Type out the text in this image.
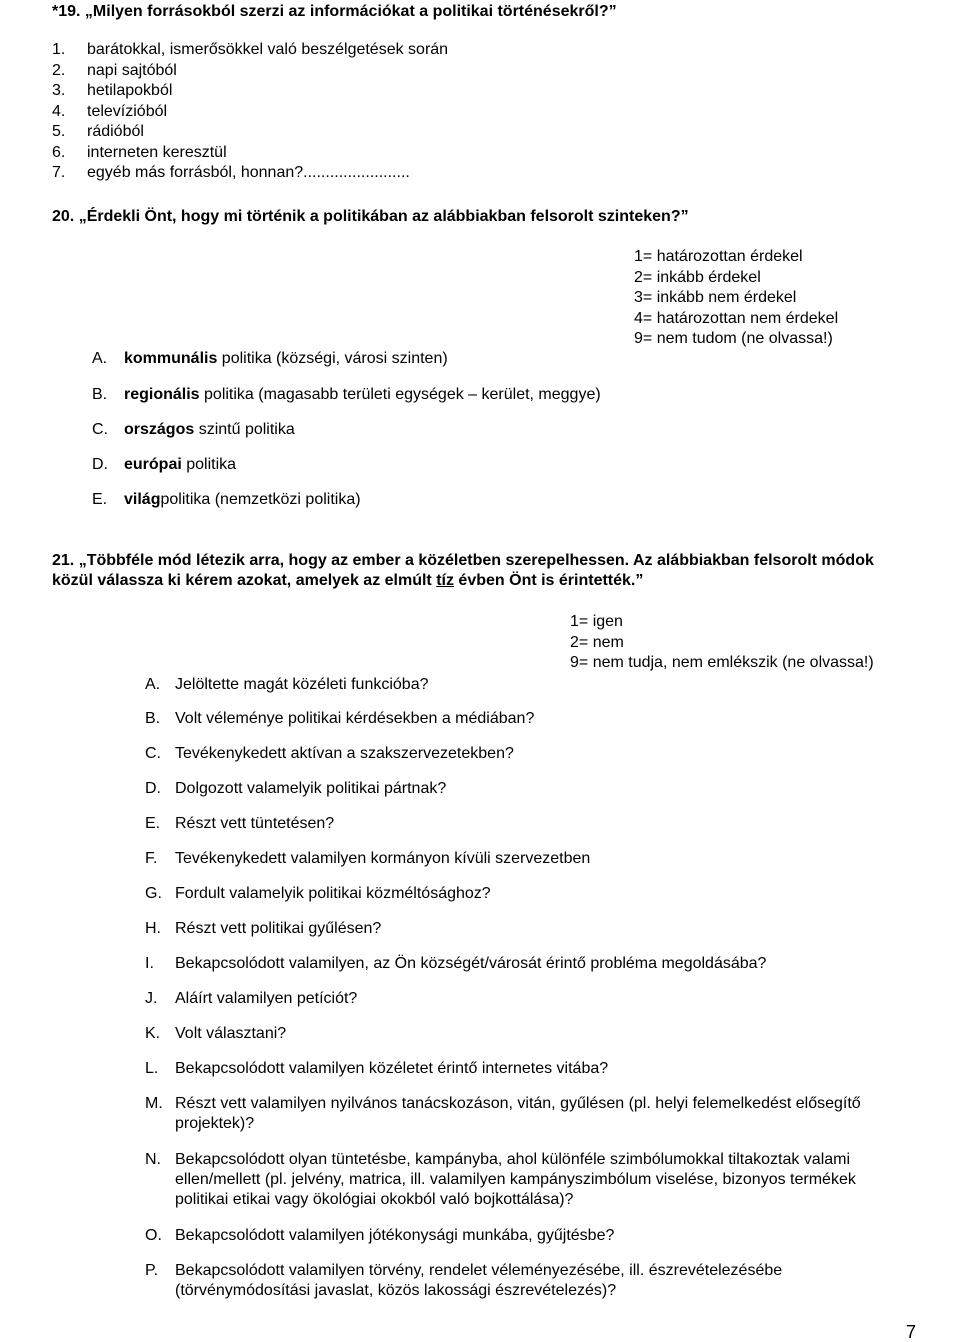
*19. „Milyen forrásokból szerzi az információkat a politikai történésekről?”
1. barátokkal, ismerősökkel való beszélgetések során
2. napi sajtóból
3. hetilapokból
4. televízióból
5. rádióból
6. interneten keresztül
7. egyéb más forrásból, honnan?........................
20. „Érdekli Önt, hogy mi történik a politikában az alábbiakban felsorolt szinteken?”
1= határozottan érdekel
2= inkább érdekel
3= inkább nem érdekel
4= határozottan nem érdekel
9= nem tudom (ne olvassa!)
A. kommunális politika (községi, városi szinten)
B. regionális politika (magasabb területi egységek – kerület, meggye)
C. országos szintű politika
D. európai politika
E. világpolitika (nemzetközi politika)
21. „Többféle mód létezik arra, hogy az ember a közéletben szerepelhessen. Az alábbiakban felsorolt módok közül válassza ki kérem azokat, amelyek az elmúlt tíz évben Önt is érintették.”
1= igen
2= nem
9= nem tudja, nem emlékszik (ne olvassa!)
A. Jelöltette magát közéleti funkcióba?
B. Volt véleménye politikai kérdésekben a médiában?
C. Tevékenykedett aktívan a szakszervezetekben?
D. Dolgozott valamelyik politikai pártnak?
E. Részt vett tüntetésen?
F. Tevékenykedett valamilyen kormányon kívüli szervezetben
G. Fordult valamelyik politikai közméltósághoz?
H. Részt vett politikai gyűlésen?
I. Bekapcsolódott valamilyen, az Ön községét/városát érintő probléma megoldásába?
J. Aláírt valamilyen petíciót?
K. Volt választani?
L. Bekapcsolódott valamilyen közéletet érintő internetes vitába?
M. Részt vett valamilyen nyilvános tanácskozáson, vitán, gyűlésen (pl. helyi felemelkedést elősegítő projektek)?
N. Bekapcsolódott olyan tüntetésbe, kampányba, ahol különféle szimbólumokkal tiltakoztak valami ellen/mellett (pl. jelvény, matrica, ill. valamilyen kampányszimbólum viselése, bizonyos termékek politikai etikai vagy ökológiai okokból való bojkottálása)?
O. Bekapcsolódott valamilyen jótékonysági munkába, gyűjtésbe?
P. Bekapcsolódott valamilyen törvény, rendelet véleményezésébe, ill. észrevételezésébe (törvénymódosítási javaslat, közös lakossági észrevételezés)?
7
